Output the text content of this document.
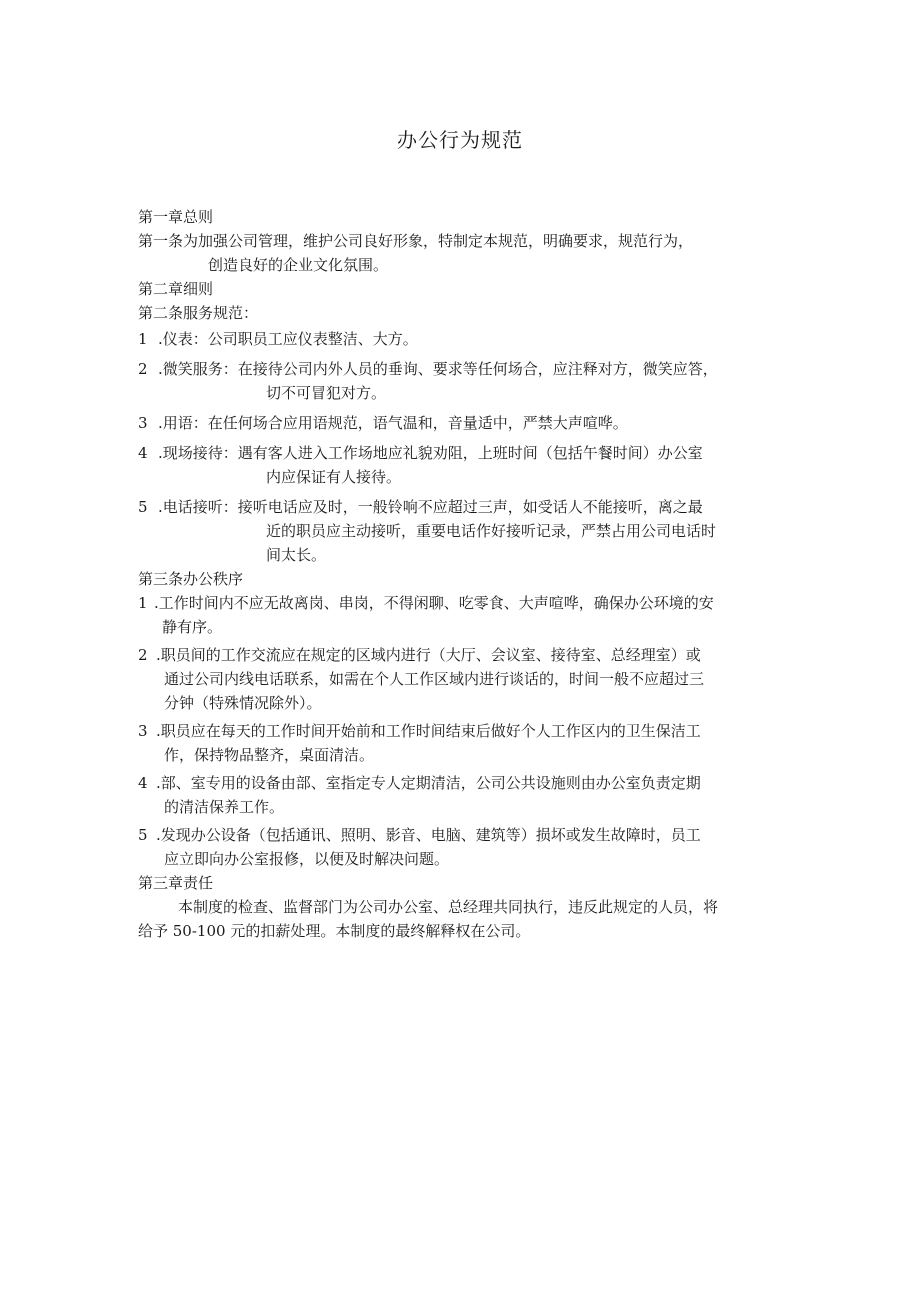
办公行为规范
第一章总则
第一条为加强公司管理，维护公司良好形象，特制定本规范，明确要求，规范行为，
创造良好的企业文化氛围。
第二章细则
第二条服务规范：
1 .仪表：公司职员工应仪表整洁、大方。
2 .微笑服务：在接待公司内外人员的垂询、要求等任何场合，应注释对方，微笑应答，
切不可冒犯对方。
3 .用语：在任何场合应用语规范，语气温和，音量适中，严禁大声喧哗。
4 .现场接待：遇有客人进入工作场地应礼貌劝阻，上班时间（包括午餐时间）办公室
内应保证有人接待。
5 .电话接听：接听电话应及时，一般铃响不应超过三声，如受话人不能接听，离之最
近的职员应主动接听，重要电话作好接听记录，严禁占用公司电话时
间太长。
第三条办公秩序
1 .工作时间内不应无故离岗、串岗，不得闲聊、吃零食、大声喧哗，确保办公环境的安
静有序。
2 .职员间的工作交流应在规定的区域内进行（大厅、会议室、接待室、总经理室）或
通过公司内线电话联系，如需在个人工作区域内进行谈话的，时间一般不应超过三
分钟（特殊情况除外）。
3 .职员应在每天的工作时间开始前和工作时间结束后做好个人工作区内的卫生保洁工
作，保持物品整齐，桌面清洁。
4 .部、室专用的设备由部、室指定专人定期清洁，公司公共设施则由办公室负责定期
的清洁保养工作。
5 .发现办公设备（包括通讯、照明、影音、电脑、建筑等）损坏或发生故障时，员工
应立即向办公室报修，以便及时解决问题。
第三章责任
本制度的检查、监督部门为公司办公室、总经理共同执行，违反此规定的人员，将
给予 50-100 元的扣薪处理。本制度的最终解释权在公司。
